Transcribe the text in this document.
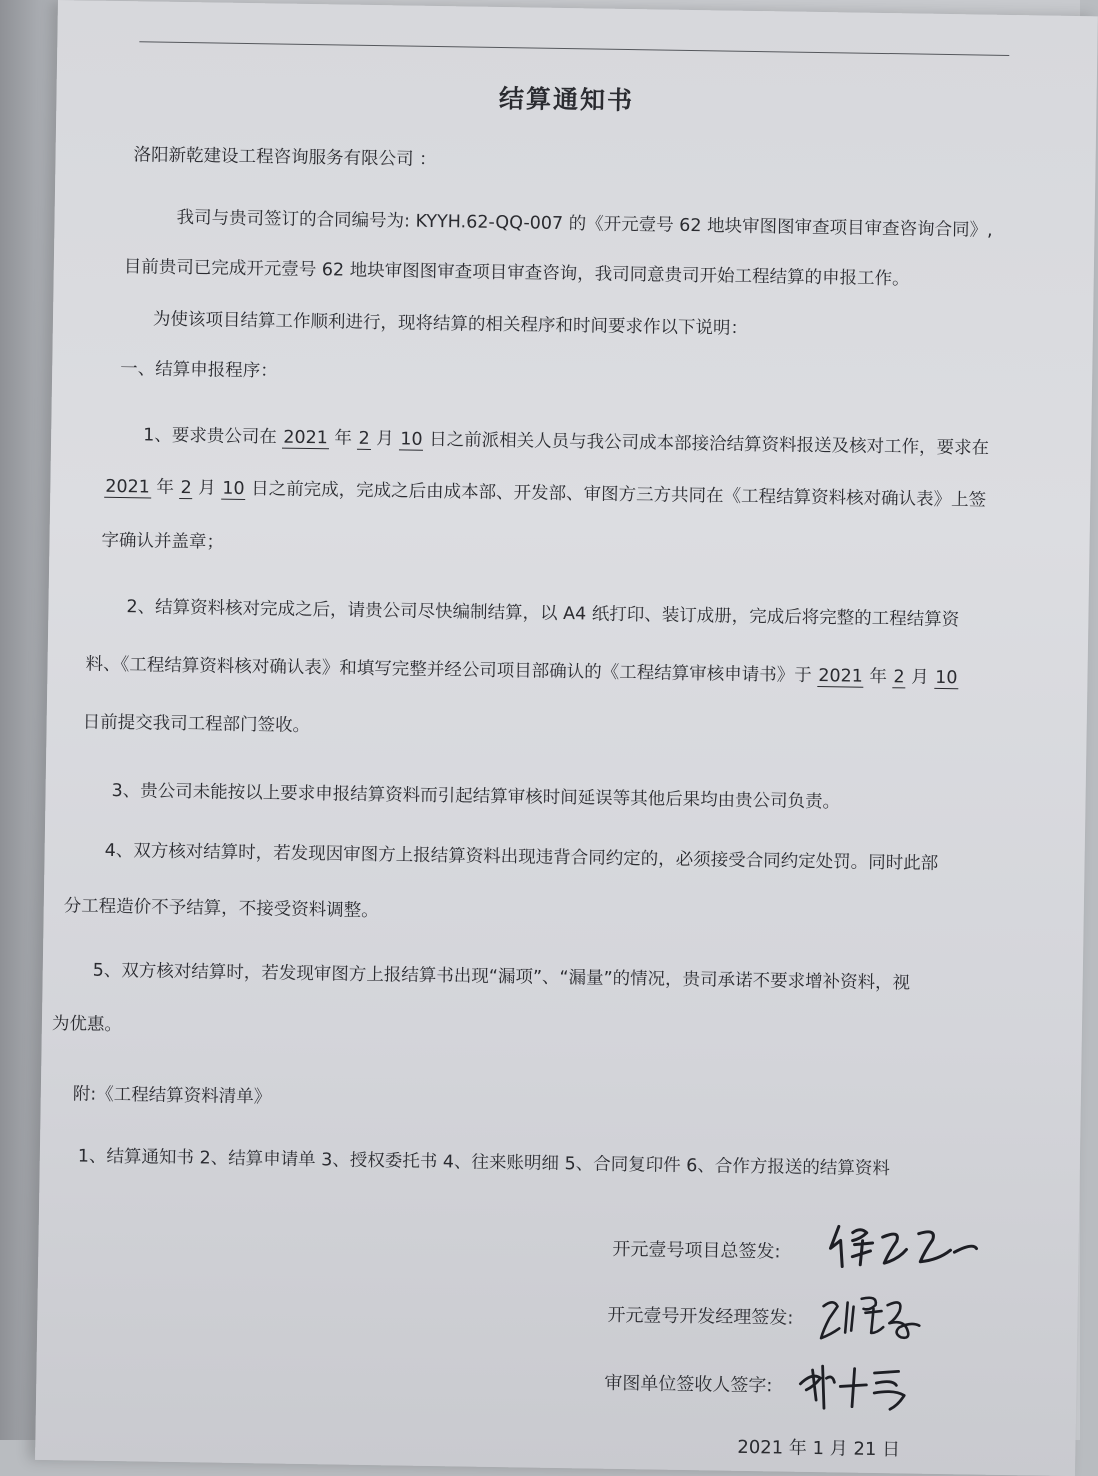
结算通知书

洛阳新乾建设工程咨询服务有限公司 ：

我司与贵司签订的合同编号为: KYYH.62-QQ-007 的《开元壹号 62 地块审图图审查项目审查咨询合同》,

目前贵司已完成开元壹号 62 地块审图图审查项目审查咨询，我司同意贵司开始工程结算的申报工作。

为使该项目结算工作顺利进行，现将结算的相关程序和时间要求作以下说明：

一、结算申报程序：

1、要求贵公司在 2021 年 2 月 10 日之前派相关人员与我公司成本部接洽结算资料报送及核对工作，要求在

2021 年 2 月 10 日之前完成，完成之后由成本部、开发部、审图方三方共同在《工程结算资料核对确认表》上签

字确认并盖章；

2、结算资料核对完成之后，请贵公司尽快编制结算，以 A4 纸打印、装订成册，完成后将完整的工程结算资

料、《工程结算资料核对确认表》和填写完整并经公司项目部确认的《工程结算审核申请书》于 2021 年 2 月 10

日前提交我司工程部门签收。

3、贵公司未能按以上要求申报结算资料而引起结算审核时间延误等其他后果均由贵公司负责。

4、双方核对结算时，若发现因审图方上报结算资料出现违背合同约定的，必须接受合同约定处罚。同时此部

分工程造价不予结算，不接受资料调整。

5、双方核对结算时，若发现审图方上报结算书出现“漏项”、“漏量”的情况，贵司承诺不要求增补资料，视

为优惠。

附:《工程结算资料清单》

1、结算通知书 2、结算申请单 3、授权委托书 4、往来账明细 5、合同复印件 6、合作方报送的结算资料

开元壹号项目总签发:
开元壹号开发经理签发:
审图单位签收人签字:
2021 年 1 月 21 日
